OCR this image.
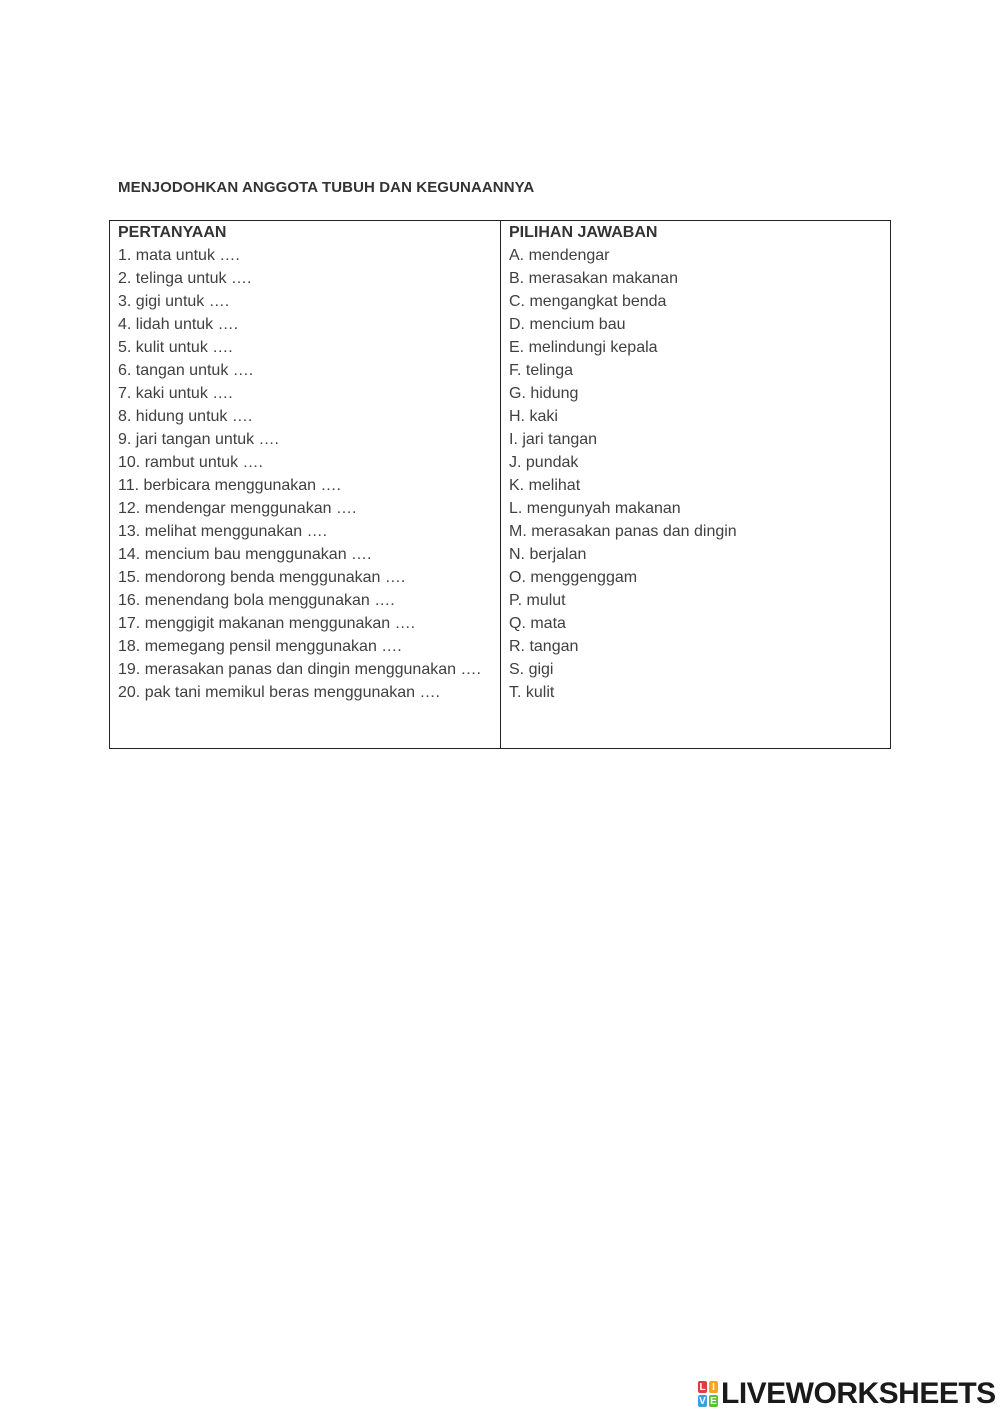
MENJODOHKAN ANGGOTA TUBUH DAN KEGUNAANNYA
PERTANYAAN
1. mata untuk ….
2. telinga untuk ….
3. gigi untuk ….
4. lidah untuk ….
5. kulit untuk ….
6. tangan untuk ….
7. kaki untuk ….
8. hidung untuk ….
9. jari tangan untuk ….
10. rambut untuk ….
11. berbicara menggunakan ….
12. mendengar menggunakan ….
13. melihat menggunakan ….
14. mencium bau menggunakan ….
15. mendorong benda menggunakan ….
16. menendang bola menggunakan ….
17. menggigit makanan menggunakan ….
18. memegang pensil menggunakan ….
19. merasakan panas dan dingin menggunakan ….
20. pak tani memikul beras menggunakan ….
PILIHAN JAWABAN
A. mendengar
B. merasakan makanan
C. mengangkat benda
D. mencium bau
E. melindungi kepala
F. telinga
G. hidung
H. kaki
I. jari tangan
J. pundak
K. melihat
L. mengunyah makanan
M. merasakan panas dan dingin
N. berjalan
O. menggenggam
P. mulut
Q. mata
R. tangan
S. gigi
T. kulit
L I
V E LIVEWORKSHEETS
